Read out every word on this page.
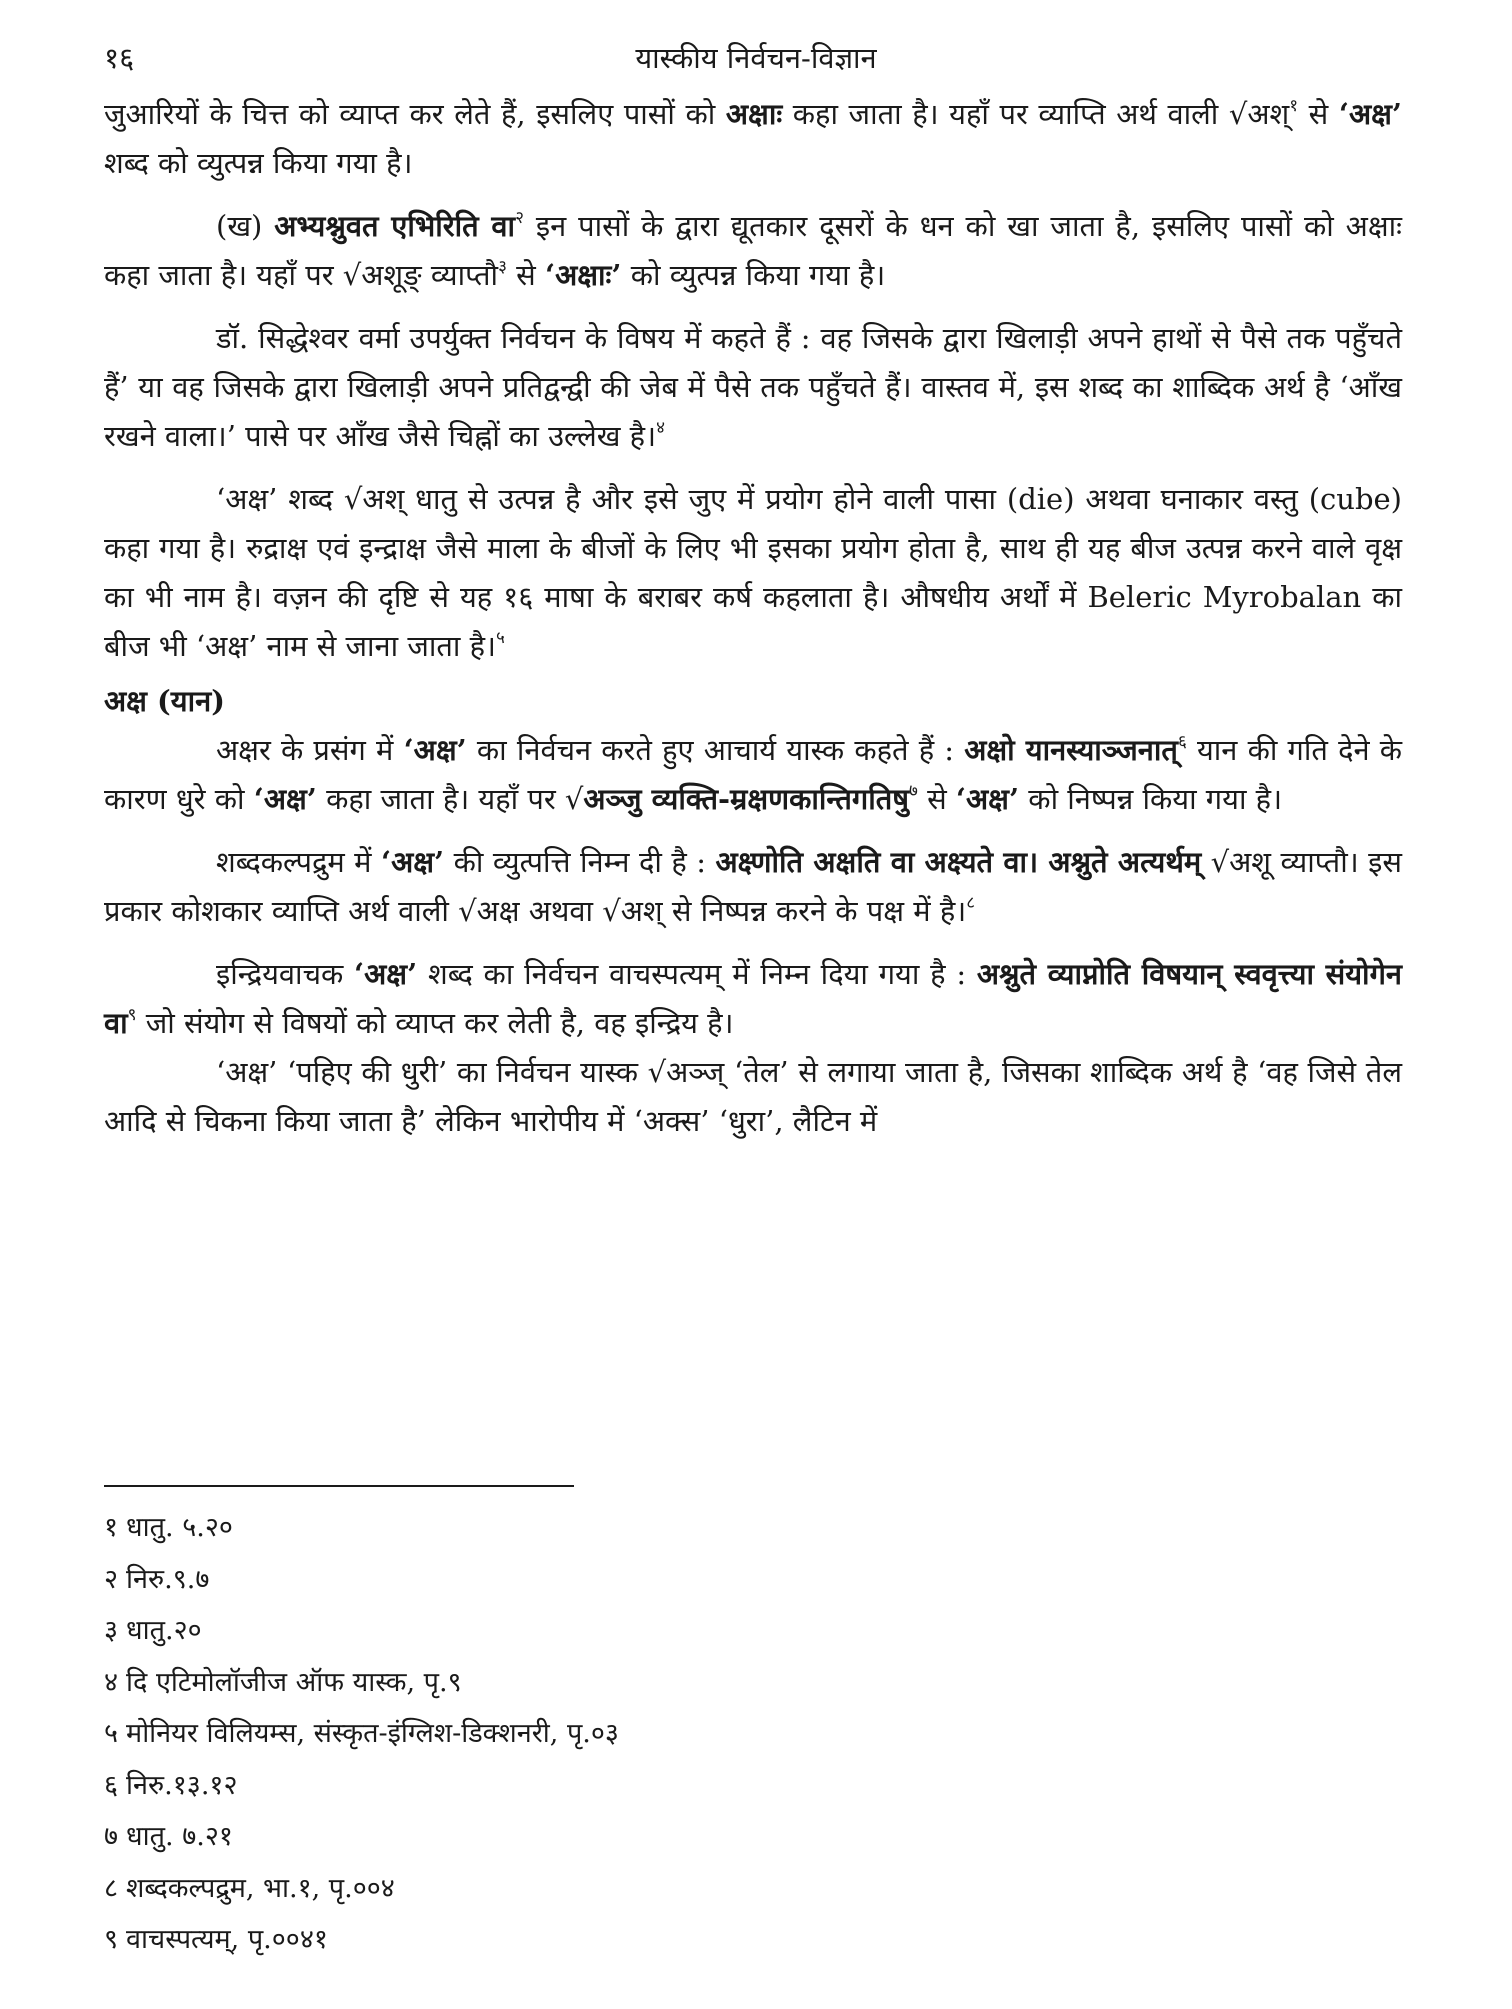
१६	यास्कीय निर्वचन-विज्ञान

जुआरियों के चित्त को व्याप्त कर लेते हैं, इसलिए पासों को अक्षाः कहा जाता है। यहाँ पर व्याप्ति अर्थ वाली √अश्$^१$ से ‘अक्ष’ शब्द को व्युत्पन्न किया गया है।

(ख) अभ्यश्नुवत एभिरिति वा$^२$ इन पासों के द्वारा द्यूतकार दूसरों के धन को खा जाता है, इसलिए पासों को अक्षाः कहा जाता है। यहाँ पर √अशूङ् व्याप्तौ$^३$ से ‘अक्षाः’ को व्युत्पन्न किया गया है।

डॉ. सिद्धेश्वर वर्मा उपर्युक्त निर्वचन के विषय में कहते हैं : वह जिसके द्वारा खिलाड़ी अपने हाथों से पैसे तक पहुँचते हैं’ या वह जिसके द्वारा खिलाड़ी अपने प्रतिद्वन्द्वी की जेब में पैसे तक पहुँचते हैं। वास्तव में, इस शब्द का शाब्दिक अर्थ है ‘आँख रखने वाला।’ पासे पर आँख जैसे चिह्नों का उल्लेख है।$^४$

‘अक्ष’ शब्द √अश् धातु से उत्पन्न है और इसे जुए में प्रयोग होने वाली पासा (die) अथवा घनाकार वस्तु (cube) कहा गया है। रुद्राक्ष एवं इन्द्राक्ष जैसे माला के बीजों के लिए भी इसका प्रयोग होता है, साथ ही यह बीज उत्पन्न करने वाले वृक्ष का भी नाम है। वज़न की दृष्टि से यह १६ माषा के बराबर कर्ष कहलाता है। औषधीय अर्थों में Beleric Myrobalan का बीज भी ‘अक्ष’ नाम से जाना जाता है।$^५$

अक्ष (यान)

अक्षर के प्रसंग में ‘अक्ष’ का निर्वचन करते हुए आचार्य यास्क कहते हैं : अक्षो यानस्याञ्जनात्$^६$ यान की गति देने के कारण धुरे को ‘अक्ष’ कहा जाता है। यहाँ पर √अञ्जु व्यक्ति-म्रक्षणकान्तिगतिषु$^७$ से ‘अक्ष’ को निष्पन्न किया गया है।

शब्दकल्पद्रुम में ‘अक्ष’ की व्युत्पत्ति निम्न दी है : अक्ष्णोति अक्षति वा अक्ष्यते वा। अश्नुते अत्यर्थम् √अशू व्याप्तौ। इस प्रकार कोशकार व्याप्ति अर्थ वाली √अक्ष अथवा √अश् से निष्पन्न करने के पक्ष में है।$^८$

इन्द्रियवाचक ‘अक्ष’ शब्द का निर्वचन वाचस्पत्यम् में निम्न दिया गया है : अश्नुते व्याप्नोति विषयान् स्ववृत्त्या संयोगेन वा$^९$ जो संयोग से विषयों को व्याप्त कर लेती है, वह इन्द्रिय है।

‘अक्ष’ ‘पहिए की धुरी’ का निर्वचन यास्क √अञ्ज् ‘तेल’ से लगाया जाता है, जिसका शाब्दिक अर्थ है ‘वह जिसे तेल आदि से चिकना किया जाता है’ लेकिन भारोपीय में ‘अक्स’ ‘धुरा’, लैटिन में

१ धातु. ५.२०

२ निरु.९.७

३ धातु.२०

४ दि एटिमोलॉजीज ऑफ यास्क, पृ.९

५ मोनियर विलियम्स, संस्कृत-इंग्लिश-डिक्शनरी, पृ.०३

६ निरु.१३.१२

७ धातु. ७.२१

८ शब्दकल्पद्रुम, भा.१, पृ.००४

९ वाचस्पत्यम्, पृ.००४१
